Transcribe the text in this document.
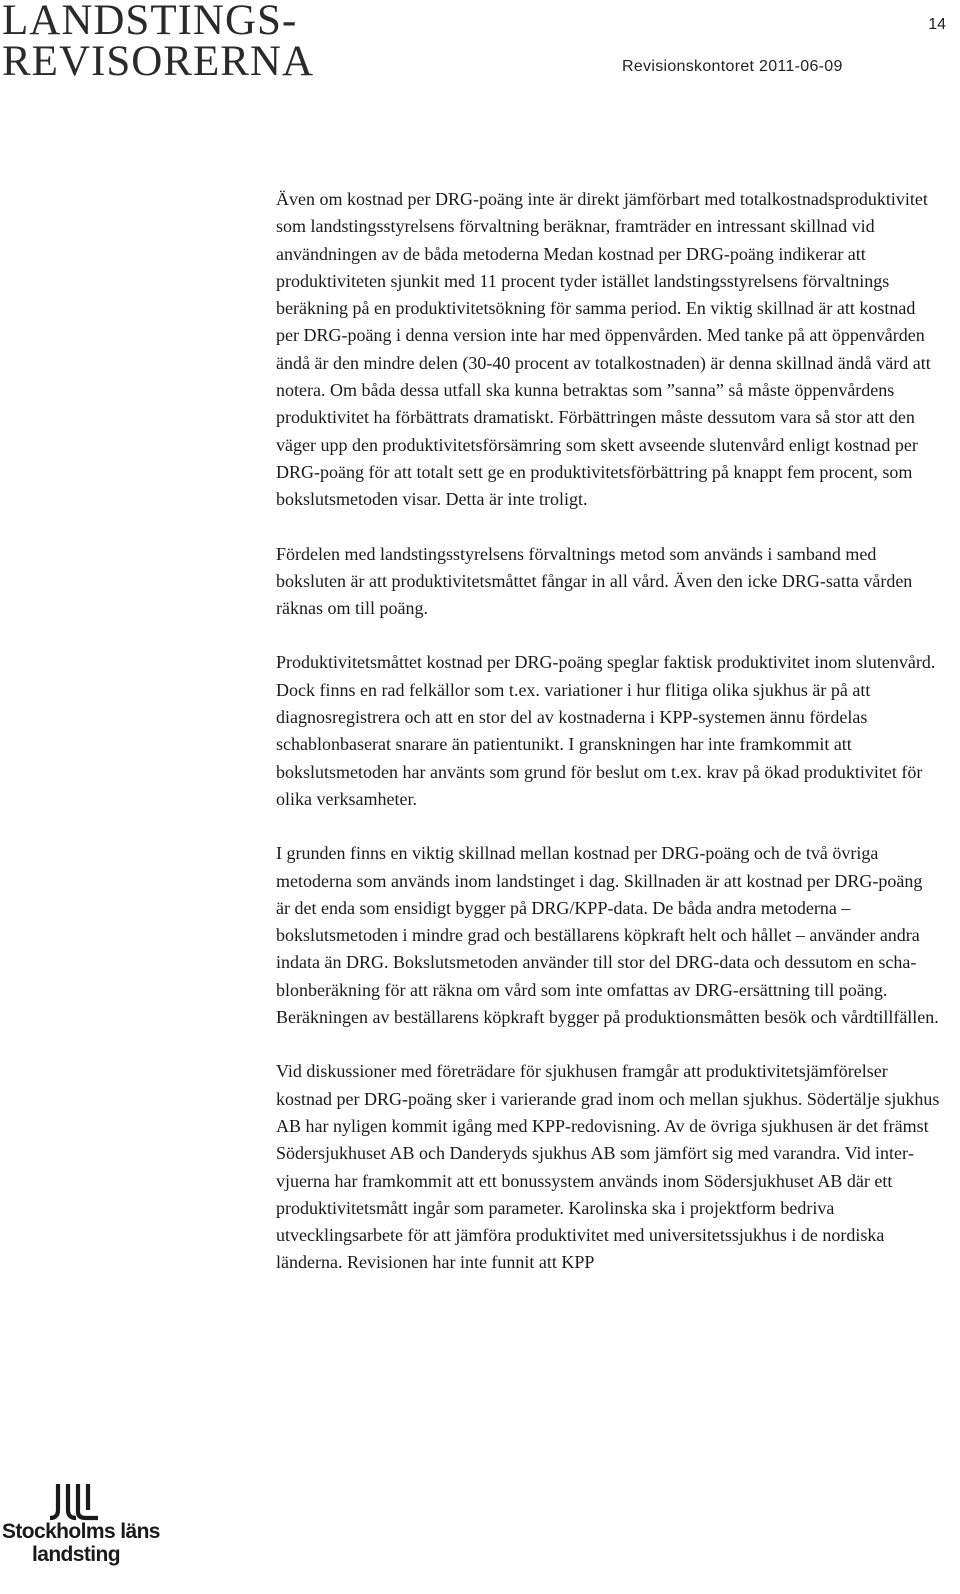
LANDSTINGS-
REVISORERNA
14
Revisionskontoret 2011-06-09

Även om kostnad per DRG-poäng inte är direkt jämförbart med totalkostnadsproduktivitet som landstingsstyrelsens förvaltning beräknar, framträder en intressant skillnad vid användningen av de båda metoderna Medan kostnad per DRG-poäng indikerar att produktiviteten sjunkit med 11 procent tyder istället landstingsstyrelsens förvaltnings beräkning på en produktivitetsökning för samma period. En viktig skillnad är att kostnad per DRG-poäng i denna version inte har med öppenvården. Med tanke på att öppenvården ändå är den mindre delen (30-40 procent av totalkostnaden) är denna skillnad ändå värd att notera. Om båda dessa utfall ska kunna betraktas som ”sanna” så måste öppenvårdens produktivitet ha förbättrats dramatiskt. Förbättringen måste dessutom vara så stor att den väger upp den produktivitetsförsämring som skett avseende slutenvård enligt kostnad per DRG-poäng för att totalt sett ge en produktivitetsförbättring på knappt fem procent, som bokslutsmetoden visar. Detta är inte troligt.

Fördelen med landstingsstyrelsens förvaltnings metod som används i samband med boksluten är att produktivitetsmåttet fångar in all vård. Även den icke DRG-satta vården räknas om till poäng.

Produktivitetsmåttet kostnad per DRG-poäng speglar faktisk produktivitet inom slutenvård. Dock finns en rad felkällor som t.ex. variationer i hur flitiga olika sjukhus är på att diagnosregistrera och att en stor del av kostnaderna i KPP-systemen ännu fördelas schablonbaserat snarare än patientunikt. I granskningen har inte framkommit att bokslutsmetoden har använts som grund för beslut om t.ex. krav på ökad produktivitet för olika verksamheter.

I grunden finns en viktig skillnad mellan kostnad per DRG-poäng och de två övriga metoderna som används inom landstinget i dag. Skillnaden är att kostnad per DRG-poäng är det enda som ensidigt bygger på DRG/KPP-data. De båda andra metoderna – bokslutsmetoden i mindre grad och beställarens köpkraft helt och hållet – använder andra indata än DRG. Bokslutsmetoden använder till stor del DRG-data och dessutom en schablonberäkning för att räkna om vård som inte omfattas av DRG-ersättning till poäng. Beräkningen av beställarens köpkraft bygger på produktionsmåtten besök och vårdtillfällen.

Vid diskussioner med företrädare för sjukhusen framgår att produktivitetsjämförelser kostnad per DRG-poäng sker i varierande grad inom och mellan sjukhus. Södertälje sjukhus AB har nyligen kommit igång med KPP-redovisning. Av de övriga sjukhusen är det främst Södersjukhuset AB och Danderyds sjukhus AB som jämfört sig med varandra. Vid intervjuerna har framkommit att ett bonussystem används inom Södersjukhuset AB där ett produktivitetsmått ingår som parameter. Karolinska ska i projektform bedriva utvecklingsarbete för att jämföra produktivitet med universitetssjukhus i de nordiska länderna. Revisionen har inte funnit att KPP

Stockholms läns
landsting
